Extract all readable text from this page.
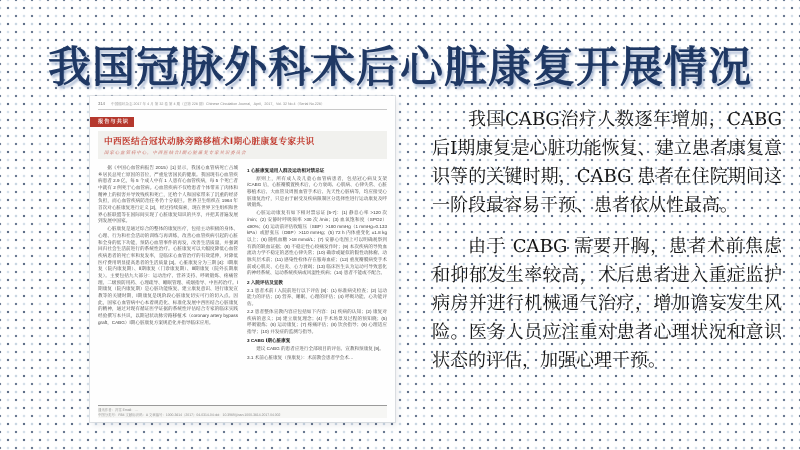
我国冠脉外科术后心脏康复开展情况
314 中国循环杂志 2017 年 4 月 第 32 卷 第 4 期（总第 226 期）Chinese Circulation Journal，April，2017，Vol. 32 No.4（Serial No.226）
报告与共识

中西医结合冠状动脉旁路移植术Ⅰ期心脏康复专家共识

国家心血管病中心，中西医结合Ⅰ期心脏康复专家共识委员会

据《中国心血管病报告 2015》[1] 显示，我国心血管病死亡占城乡居民总死亡原因的首位，严重危害国民的健康。我国现有心血管疾病患者 2.9 亿，每 5 个成人中有 1 人患有心血管疾病，每 5 个死亡者中就有 2 例死于心血管病。心血管疾病不仅给患者个体带来了肉体和精神上的损害并导致残疾和死亡，还给个人和国家带来了沉重的经济负担，而心血管疾病防治任务仍十分艰巨。世界卫生组织在 1964 年首次对心脏康复进行定义 [2]，经过持续探索，现在世界卫生组织和世界心脏联盟等在国际间实现了心脏康复知识的共享，并把其普遍发展到发展中国家。

心脏康复是通过综合的整体的康复医疗，包括主动积极的身体、心理、行为和社会活动的训练与再训练，改善心血管疾病引起的心脏和全身的低下功能，预防心血管事件的再发，改善生活质量，并强调回归社会生活前进行的系统性治疗。心脏康复可以大幅度降低心血管疾病患者的死亡率和复发率，是临床心血管治疗的有效延伸，对降低医疗费用明显提高患者的生活质量 [3]。心脏康复分为三期 [4]：Ⅰ期康复（院内康复期）、Ⅱ期康复（门诊康复期）、Ⅲ期康复（院外长期康复）。主要包括九大部分：运动治疗、营养支持、呼吸锻炼、疼痛管理、二级预防用药、心理疏导、睡眠管理、戒烟指导、中医药治疗。Ⅰ期康复（院内康复期）是心脏功能恢复、建立康复意识、进行康复宣教等的关键时期，Ⅰ期康复是现阶段心脏康复切实可行的切入点。因此，国家心血管病中心本着规范化、标准化发展中西医结合心脏康复的精神，通过对现有循证医学证据的系统性评估结合专家的临床实践经验撰写本共识，以期冠状动脉旁路移植术（coronary artery bypass graft，CABG）Ⅰ期心脏康复方案规范化并指导临床应用。

1 心脏康复适用人群及运动相对禁忌证

原则上，所有成人及儿童心血管病患者，包括冠心病及支架 /CABG 后，心脏瓣膜置换术后，心力衰竭、心肌病、心律失常、心脏移植术后、大血管及周围血管手术后、先天性心脏病等，均应接受心脏康复治疗，只是由于耐受及疾病限制区分选择性进行运动康复及呼吸锻炼。

心脏运动康复有如下相对禁忌证 [5-7]：(1) 静息心率 >120 次 /min；(2) 安静时呼吸频率 >30 次 /min；(3) 血氧饱和度（SPO2）≤90%；(4) 运动前评估收缩压（SBP）>180 mmHg（1 mmHg=0.133 kPa）或舒张压（DBP）>110 mmHg；(5) 72 h 内体重变化 ±1.8 kg 以上；(6) 随机血糖 >18 mmol/L；(7) 安静心电图上可以明确观察到有新的缺血证据；(8) 不稳定性心绞痛发作时；(9) 本次疾病的导致血流动力学不稳定的恶性心律失常；(10) 确诊或疑似的假性动脉瘤、动脉夹层术前；(11) 感染性栓体存在脓毒血症；(12) 重度瓣膜病变手术前或心肌炎、心包炎、心力衰竭；(13) 临床医生认为运动可导致恶化的神经系统、运动系统疾病或风湿性疾病；(14) 患者不能或不配合。

2 入院评估及宣教

2.1 患者术前 / 入院前进行以下评估 [8]：(1) 标准病史检查；(2) 运动能力的评估；(3) 营养、睡眠、心理的评估；(4) 呼吸功能、心功能评估。

2.2 患者整体宣教内容应包括如下内容：(1) 疾病的认知；(2) 康复对疾病的意义；(3) 建立康复理念；(4) 手术场景及过程的预知晓；(5) 呼吸锻炼；(6) 运动康复；(7) 疼痛评估；(8) 饮食指导；(9) 心理适应指导；(10) 并发症的监测与指导。

3 CABG Ⅰ期心脏康复

建议 CABG 的患者应进行全部项目的评估、宣教和预康复 [9]。

3.1 术前心脏康复（预康复）：术前教会患者学会术…

通讯作者：冯雪 Email：…

中图分类号：R54 文献标识码：A 文章编号：1000-3614（2017）04-0314-04 doi：10.3969/j.issn.1000-3614.2017.04.002

我国CABG治疗人数逐年增加，CABG后Ⅰ期康复是心脏功能恢复、建立患者康复意识等的关键时期，CABG 患者在住院期间这一阶段最容易干预、患者依从性最高。

由于 CABG 需要开胸，患者术前焦虑和抑郁发生率较高，术后患者进入重症监护病房并进行机械通气治疗，增加谵妄发生风险。医务人员应注重对患者心理状况和意识状态的评估，加强心理干预。
